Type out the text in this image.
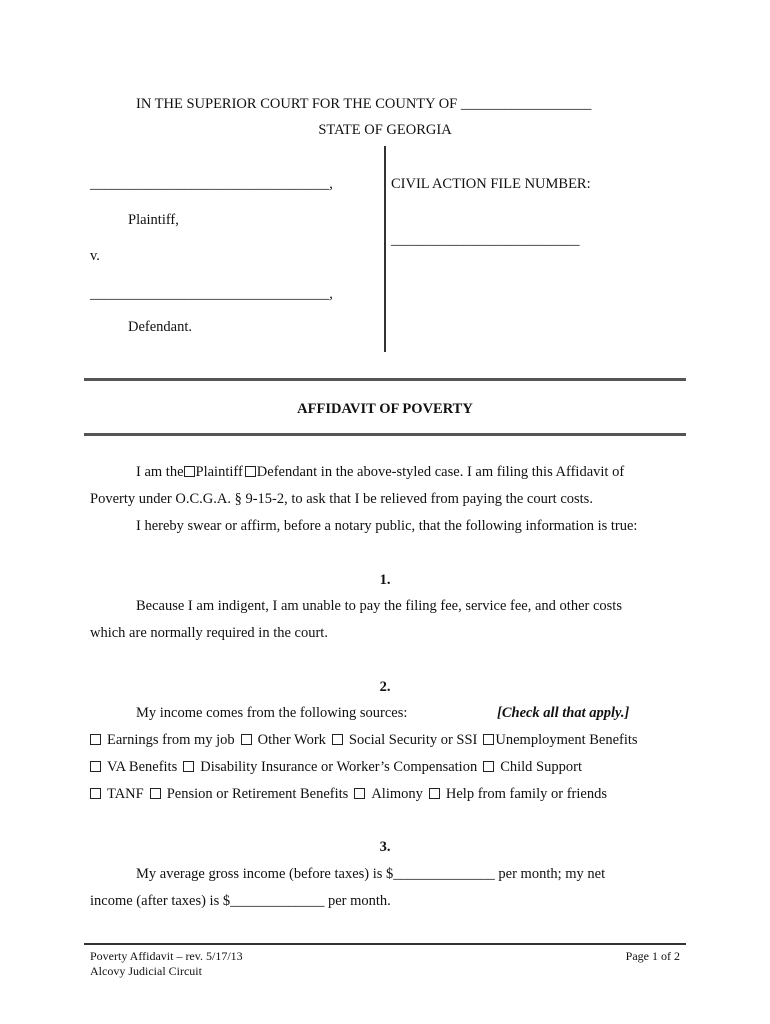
IN THE SUPERIOR COURT FOR THE COUNTY OF __________________
STATE OF GEORGIA
_________________________________,
Plaintiff,
v.
_________________________________,
Defendant.
CIVIL ACTION FILE NUMBER:
__________________________
AFFIDAVIT OF POVERTY
I am the Plaintiff Defendant in the above-styled case. I am filing this Affidavit of
Poverty under O.C.G.A. § 9-15-2, to ask that I be relieved from paying the court costs.
I hereby swear or affirm, before a notary public, that the following information is true:
1.
Because I am indigent, I am unable to pay the filing fee, service fee, and other costs
which are normally required in the court.
2.
My income comes from the following sources:	[Check all that apply.]
Earnings from my job Other Work Social Security or SSI Unemployment Benefits
VA Benefits Disability Insurance or Worker’s Compensation Child Support
TANF Pension or Retirement Benefits Alimony Help from family or friends
3.
My average gross income (before taxes) is $______________ per month; my net
income (after taxes) is $_____________ per month.
Poverty Affidavit – rev. 5/17/13
Alcovy Judicial Circuit
Page 1 of 2
